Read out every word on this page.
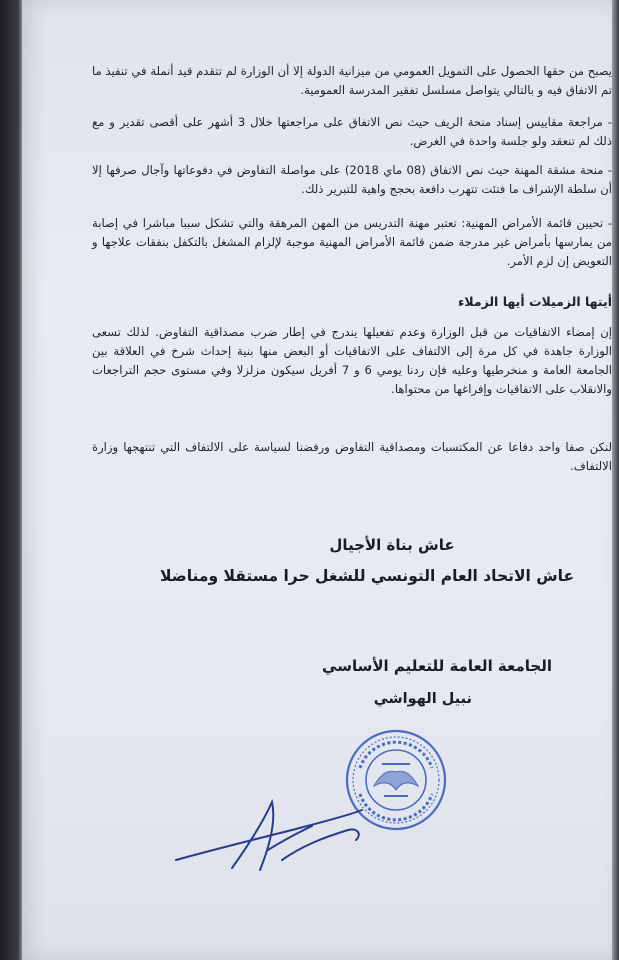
يصبح من حقها الحصول على التمويل العمومي من ميزانية الدولة إلا أن الوزارة لم تتقدم قيد أنملة في تنفيذ ما تم الاتفاق فيه و بالتالي يتواصل مسلسل تفقير المدرسة العمومية.

- مراجعة مقاييس إسناد منحة الريف حيث نص الاتفاق على مراجعتها خلال 3 أشهر على أقصى تقدير و مع ذلك لم تنعقد ولو جلسة واحدة في الغرض.

- منحة مشقة المهنة حيث نص الاتفاق (08 ماي 2018) على مواصلة التفاوض في دفوعاتها وآجال صرفها إلا أن سلطة الإشراف ما فتئت تتهرب دافعة بحجج واهية للتبرير ذلك.

- تحيين قائمة الأمراض المهنية: تعتبر مهنة التدريس من المهن المرهقة والتي تشكل سببا مباشرا في إصابة من يمارسها بأمراض غير مدرجة ضمن قائمة الأمراض المهنية موجبة لإلزام المشغل بالتكفل بنفقات علاجها و التعويض إن لزم الأمر.

أيتها الزميلات أيها الزملاء

إن إمضاء الاتفاقيات من قبل الوزارة وعدم تفعيلها يندرج في إطار ضرب مصداقية التفاوض. لذلك تسعى الوزارة جاهدة في كل مرة إلى الالتفاف على الاتفاقيات أو البعض منها بنية إحداث شرخ في العلاقة بين الجامعة العامة و منخرطيها وعليه فإن ردنا يومي 6 و 7 أفريل سيكون مزلزلا وفي مستوى حجم التراجعات والانقلاب على الاتفاقيات وإفراغها من محتواها.

لنكن صفا واحد دفاعا عن المكتسبات ومصداقية التفاوض ورفضنا لسياسة على الالتفاف التي تنتهجها وزارة الالتفاف.

عاش بناة الأجيال
عاش الاتحاد العام التونسي للشغل حرا مستقلا ومناضلا
الجامعة العامة للتعليم الأساسي
نبيل الهواشي
